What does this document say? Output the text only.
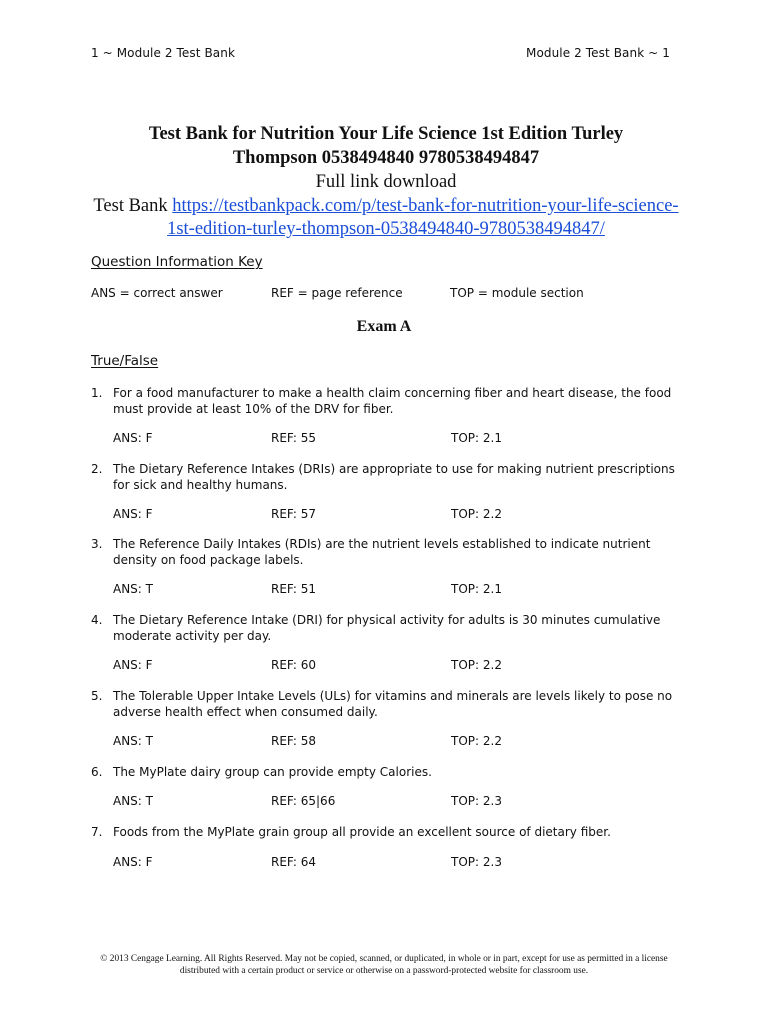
1 ~ Module 2 Test Bank	Module 2 Test Bank ~ 1
Test Bank for Nutrition Your Life Science 1st Edition Turley
Thompson 0538494840 9780538494847
Full link download
Test Bank https://testbankpack.com/p/test-bank-for-nutrition-your-life-science-
1st-edition-turley-thompson-0538494840-9780538494847/
Question Information Key
ANS = correct answer	REF = page reference	TOP = module section
Exam A
True/False
1. For a food manufacturer to make a health claim concerning fiber and heart disease, the food must provide at least 10% of the DRV for fiber.
ANS: F	REF: 55	TOP: 2.1
2. The Dietary Reference Intakes (DRIs) are appropriate to use for making nutrient prescriptions for sick and healthy humans.
ANS: F	REF: 57	TOP: 2.2
3. The Reference Daily Intakes (RDIs) are the nutrient levels established to indicate nutrient density on food package labels.
ANS: T	REF: 51	TOP: 2.1
4. The Dietary Reference Intake (DRI) for physical activity for adults is 30 minutes cumulative moderate activity per day.
ANS: F	REF: 60	TOP: 2.2
5. The Tolerable Upper Intake Levels (ULs) for vitamins and minerals are levels likely to pose no adverse health effect when consumed daily.
ANS: T	REF: 58	TOP: 2.2
6. The MyPlate dairy group can provide empty Calories.
ANS: T	REF: 65|66	TOP: 2.3
7. Foods from the MyPlate grain group all provide an excellent source of dietary fiber.
ANS: F	REF: 64	TOP: 2.3
© 2013 Cengage Learning. All Rights Reserved. May not be copied, scanned, or duplicated, in whole or in part, except for use as permitted in a license distributed with a certain product or service or otherwise on a password-protected website for classroom use.
